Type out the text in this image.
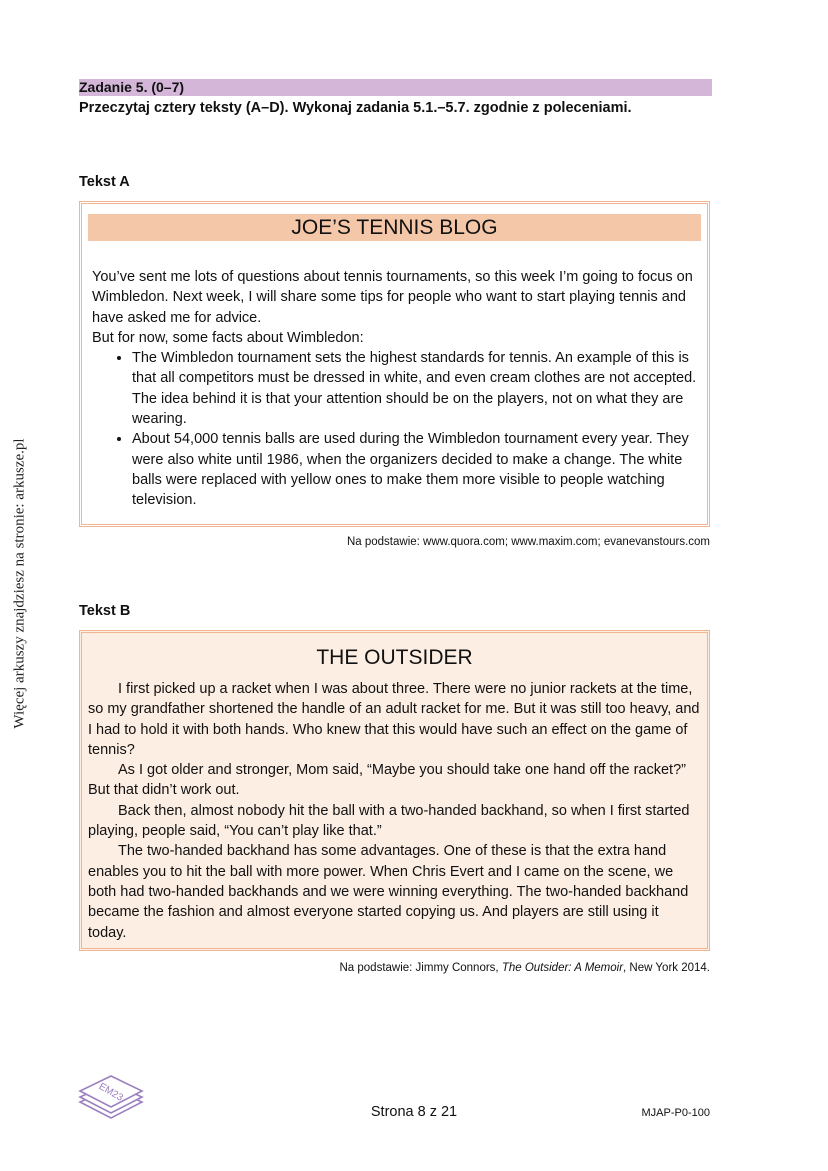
Więcej arkuszy znajdziesz na stronie: arkusze.pl
Zadanie 5. (0–7)
Przeczytaj cztery teksty (A–D). Wykonaj zadania 5.1.–5.7. zgodnie z poleceniami.
Tekst A
JOE’S TENNIS BLOG
You’ve sent me lots of questions about tennis tournaments, so this week I’m going to focus on Wimbledon. Next week, I will share some tips for people who want to start playing tennis and have asked me for advice.
But for now, some facts about Wimbledon:
• The Wimbledon tournament sets the highest standards for tennis. An example of this is that all competitors must be dressed in white, and even cream clothes are not accepted. The idea behind it is that your attention should be on the players, not on what they are wearing.
• About 54,000 tennis balls are used during the Wimbledon tournament every year. They were also white until 1986, when the organizers decided to make a change. The white balls were replaced with yellow ones to make them more visible to people watching television.
Na podstawie: www.quora.com; www.maxim.com; evanevanstours.com
Tekst B
THE OUTSIDER

I first picked up a racket when I was about three. There were no junior rackets at the time, so my grandfather shortened the handle of an adult racket for me. But it was still too heavy, and I had to hold it with both hands. Who knew that this would have such an effect on the game of tennis?

As I got older and stronger, Mom said, “Maybe you should take one hand off the racket?” But that didn’t work out.

Back then, almost nobody hit the ball with a two-handed backhand, so when I first started playing, people said, “You can’t play like that.”

The two-handed backhand has some advantages. One of these is that the extra hand enables you to hit the ball with more power. When Chris Evert and I came on the scene, we both had two-handed backhands and we were winning everything. The two-handed backhand became the fashion and almost everyone started copying us. And players are still using it today.

Na podstawie: Jimmy Connors, The Outsider: A Memoir, New York 2014.
EM23
Strona 8 z 21	MJAP-P0-100
